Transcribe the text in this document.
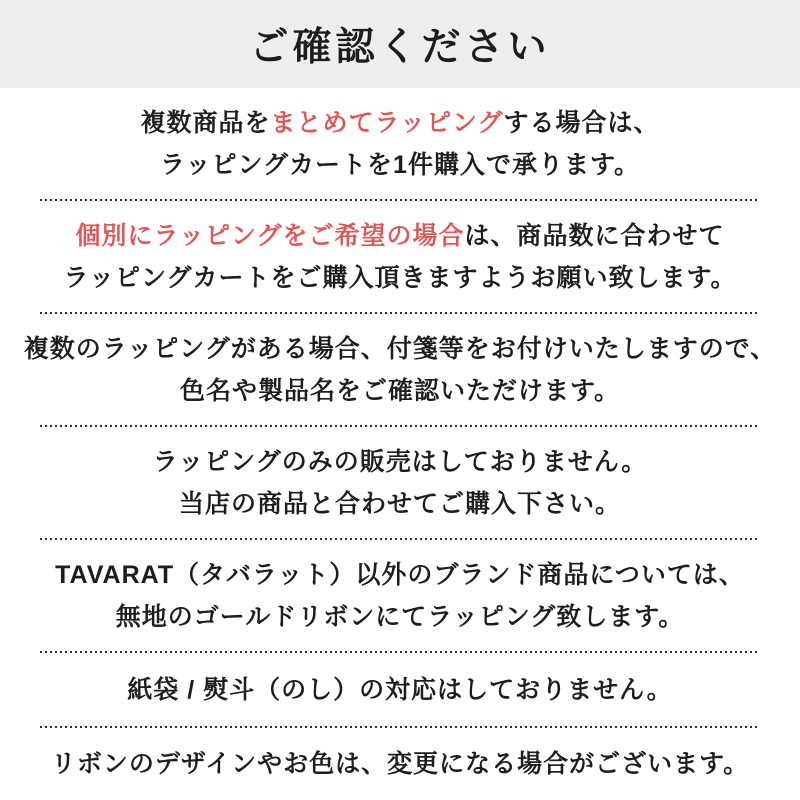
ご確認ください
複数商品をまとめてラッピングする場合は、
ラッピングカートを1件購入で承ります。
個別にラッピングをご希望の場合は、商品数に合わせて
ラッピングカートをご購入頂きますようお願い致します。
複数のラッピングがある場合、付箋等をお付けいたしますので、
色名や製品名をご確認いただけます。
ラッピングのみの販売はしておりません。
当店の商品と合わせてご購入下さい。
TAVARAT（タバラット）以外のブランド商品については、
無地のゴールドリボンにてラッピング致します。
紙袋 / 熨斗（のし）の対応はしておりません。
リボンのデザインやお色は、変更になる場合がございます。
